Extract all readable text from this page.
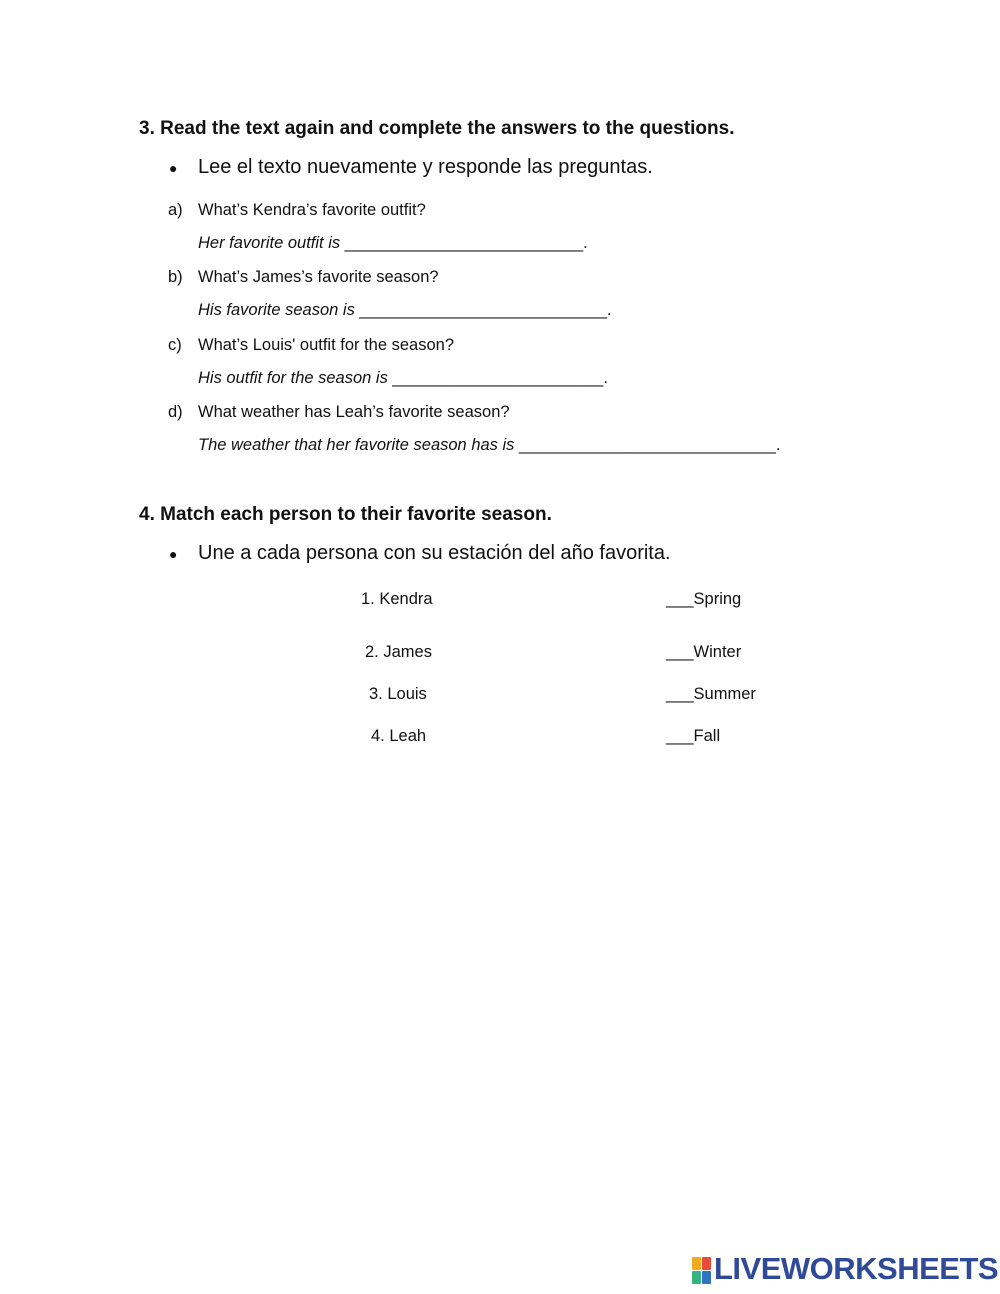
3. Read the text again and complete the answers to the questions.
● Lee el texto nuevamente y responde las preguntas.
a) What’s Kendra’s favorite outfit?
Her favorite outfit is __________________________.
b) What’s James’s favorite season?
His favorite season is ___________________________.
c) What’s Louis' outfit for the season?
His outfit for the season is _______________________.
d) What weather has Leah’s favorite season?
The weather that her favorite season has is ____________________________.
4. Match each person to their favorite season.
● Une a cada persona con su estación del año favorita.
1. Kendra
2. James
3. Louis
4. Leah
___Spring
___Winter
___Summer
___Fall
LIVEWORKSHEETS
